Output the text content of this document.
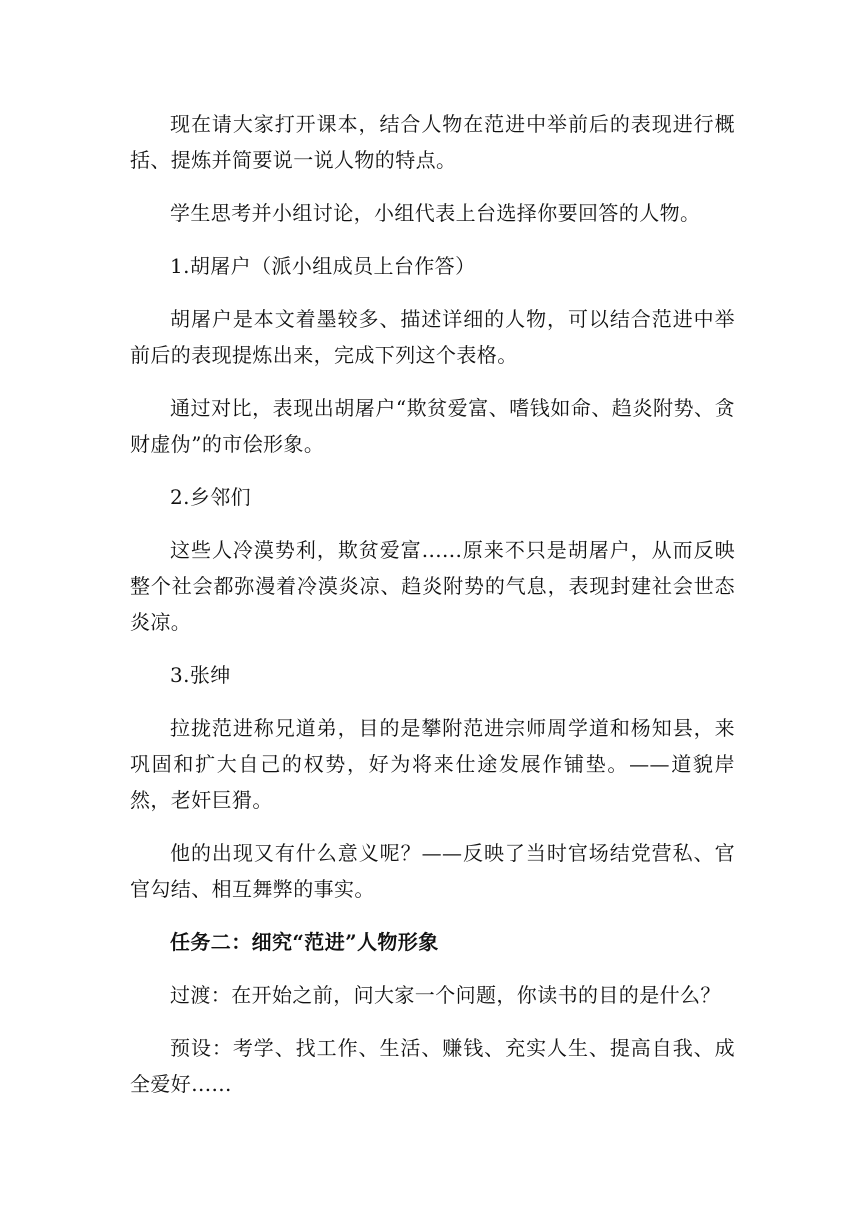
现在请大家打开课本，结合人物在范进中举前后的表现进行概括、提炼并简要说一说人物的特点。

学生思考并小组讨论，小组代表上台选择你要回答的人物。

1.胡屠户（派小组成员上台作答）

胡屠户是本文着墨较多、描述详细的人物，可以结合范进中举前后的表现提炼出来，完成下列这个表格。

通过对比，表现出胡屠户“欺贫爱富、嗜钱如命、趋炎附势、贪财虚伪”的市侩形象。

2.乡邻们

这些人冷漠势利，欺贫爱富......原来不只是胡屠户，从而反映整个社会都弥漫着冷漠炎凉、趋炎附势的气息，表现封建社会世态炎凉。

3.张绅

拉拢范进称兄道弟，目的是攀附范进宗师周学道和杨知县，来巩固和扩大自己的权势，好为将来仕途发展作铺垫。——道貌岸然，老奸巨猾。

他的出现又有什么意义呢？——反映了当时官场结党营私、官官勾结、相互舞弊的事实。

任务二：细究“范进”人物形象

过渡：在开始之前，问大家一个问题，你读书的目的是什么？

预设：考学、找工作、生活、赚钱、充实人生、提高自我、成全爱好......
